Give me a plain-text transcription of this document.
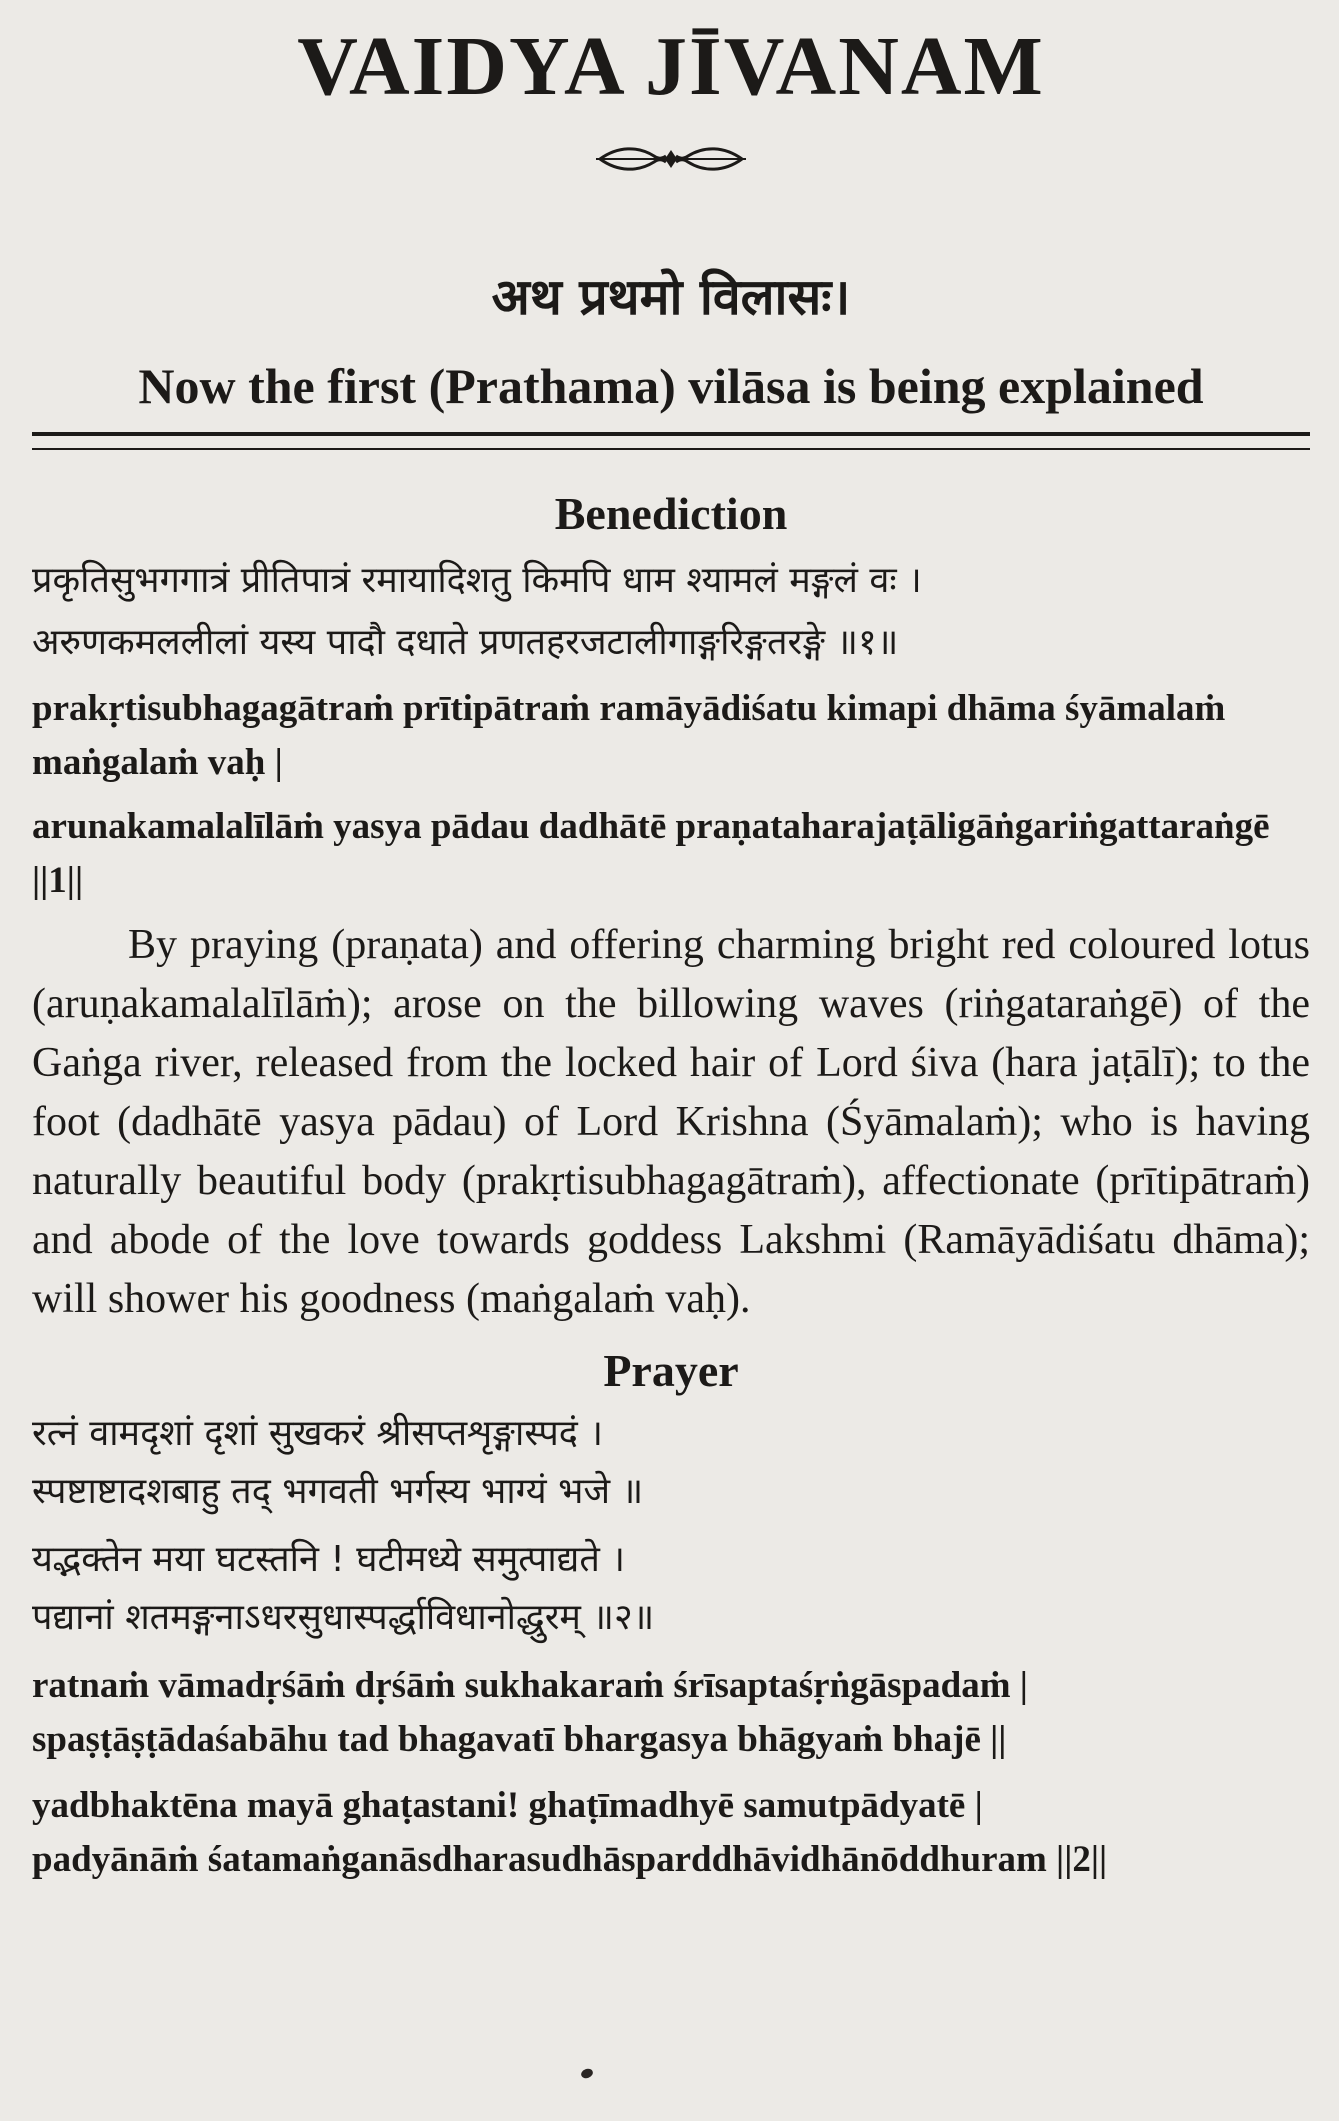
VAIDYA JĪVANAM
अथ प्रथमो विलासः।
Now the first (Prathama) vilāsa is being explained
Benediction
प्रकृतिसुभगगात्रं प्रीतिपात्रं रमायादिशतु किमपि धाम श्यामलं मङ्गलं वः ।
अरुणकमललीलां यस्य पादौ दधाते प्रणतहरजटालीगाङ्गरिङ्गतरङ्गे ॥१॥
prakṛtisubhagagātraṁ prītipātraṁ ramāyādiśatu kimapi dhāma śyāmalaṁ maṅgalaṁ vaḥ |
arunakamalalīlāṁ yasya pādau dadhātē praṇataharajaṭāligāṅgariṅgattaraṅgē ||1||
By praying (praṇata) and offering charming bright red coloured lotus (aruṇakamalalīlāṁ); arose on the billowing waves (riṅgataraṅgē) of the Gaṅga river, released from the locked hair of Lord śiva (hara jaṭālī); to the foot (dadhātē yasya pādau) of Lord Krishna (Śyāmalaṁ); who is having naturally beautiful body (prakṛtisubhagagātraṁ), affectionate (prītipātraṁ) and abode of the love towards goddess Lakshmi (Ramāyādiśatu dhāma); will shower his goodness (maṅgalaṁ vaḥ).
Prayer
रत्नं वामदृशां दृशां सुखकरं श्रीसप्तशृङ्गास्पदं ।
स्पष्टाष्टादशबाहु तद् भगवती भर्गस्य भाग्यं भजे ॥
यद्भक्तेन मया घटस्तनि ! घटीमध्ये समुत्पाद्यते ।
पद्यानां शतमङ्गनाऽधरसुधास्पर्द्धाविधानोद्धुरम् ॥२॥
ratnaṁ vāmadṛśāṁ dṛśāṁ sukhakaraṁ śrīsaptaśṛṅgāspadaṁ |
spaṣṭāṣṭādaśabāhu tad bhagavatī bhargasya bhāgyaṁ bhajē ||
yadbhaktēna mayā ghaṭastani! ghaṭīmadhyē samutpādyatē |
padyānāṁ śatamaṅganāsdharasudhāsparddhāvidhānōddhuram ||2||
